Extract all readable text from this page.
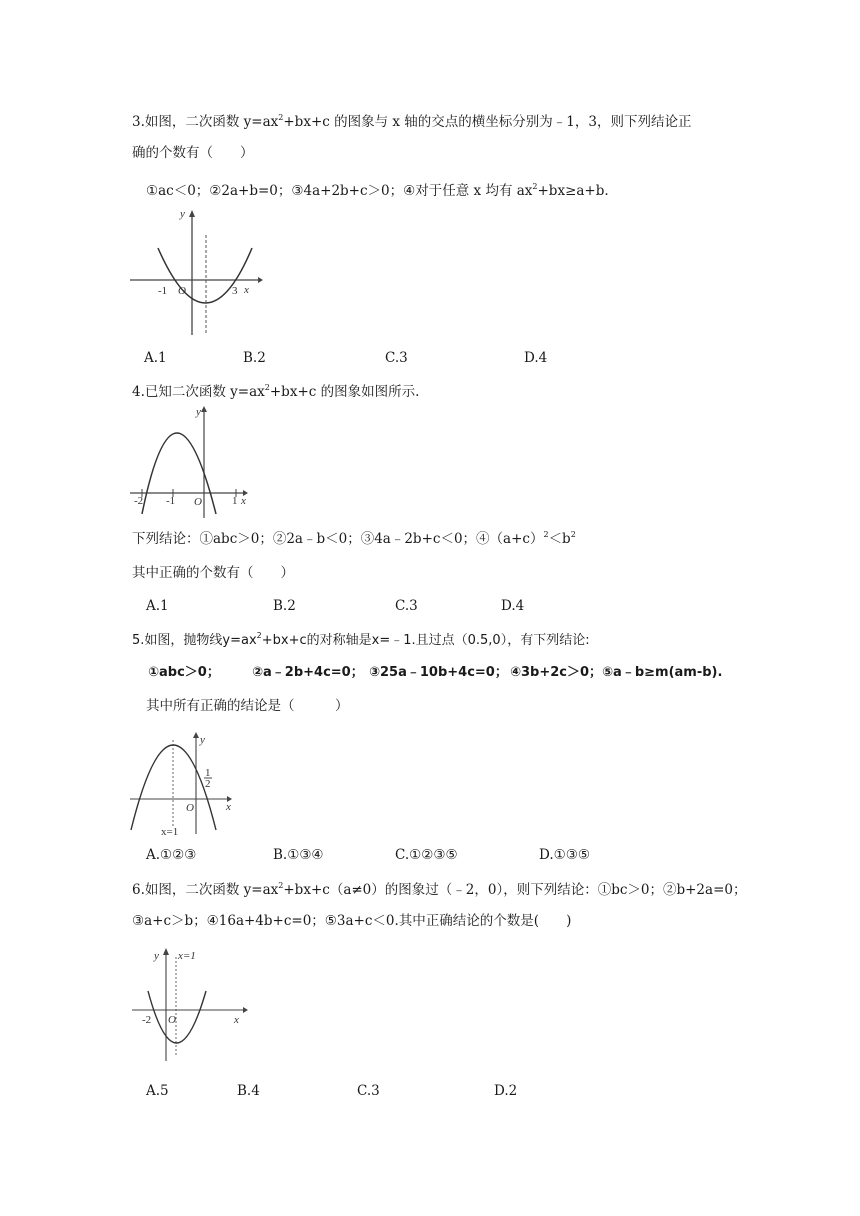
3.如图，二次函数 $y=ax^2+bx+c$ 的图象与 x 轴的交点的横坐标分别为﹣1，3，则下列结论正
确的个数有（　　）
①ac＜0；②2a+b=0；③4a+2b+c＞0；④对于任意 x 均有 $ax^2+bx\ge a+b$.
y
O
-1	3 x
A.1	B.2	C.3	D.4
4.已知二次函数 $y=ax^2+bx+c$ 的图象如图所示.
y
O
-2 -1	1 x
下列结论：①abc＞0；②2a﹣b＜0；③4a﹣2b+c＜0；$④(a+c)^2<b^2$
其中正确的个数有（　　）
A.1	B.2	C.3	D.4
5.如图，抛物线$y=ax^2+bx+c$的对称轴是x=﹣1.且过点（0.5,0），有下列结论:
①abc＞0； ②a﹣2b+4c=0； ③25a﹣10b+4c=0； ④3b+2c＞0；⑤a﹣b≥m(am-b).
其中所有正确的结论是（　　　）
y
O
1
2
x
x=1
A.①②③	B.①③④	C.①②③⑤	D.①③⑤
6.如图，二次函数 $y=ax^2+bx+c(a\ne 0)$的图象过（﹣2，0），则下列结论：①bc＞0；②b+2a=0；
③a+c＞b；④16a+4b+c=0；⑤3a+c＜0.其中正确结论的个数是(　　)
y x=1
-2 O	x
A.5	B.4	C.3	D.2
